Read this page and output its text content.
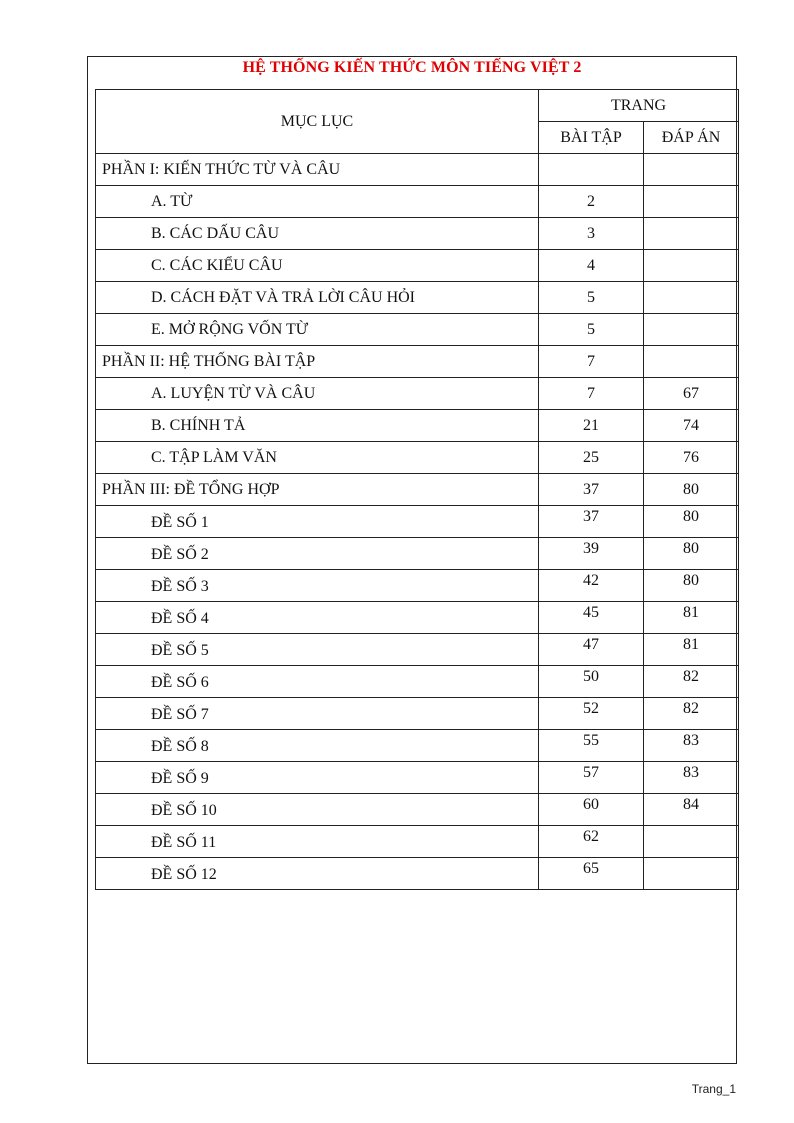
HỆ THỐNG KIẾN THỨC MÔN TIẾNG VIỆT 2
MỤC LỤC	TRANG	
	BÀI TẬP	ĐÁP ÁN
PHẦN I: KIẾN THỨC TỪ VÀ CÂU		
A. TỪ	2	
B. CÁC DẤU CÂU	3	
C. CÁC KIỂU CÂU	4	
D. CÁCH ĐẶT VÀ TRẢ LỜI CÂU HỎI	5	
E. MỞ RỘNG VỐN TỪ	5	
PHẦN II: HỆ THỐNG BÀI TẬP	7	
A. LUYỆN TỪ VÀ CÂU	7	67
B. CHÍNH TẢ	21	74
C. TẬP LÀM VĂN	25	76
PHẦN III: ĐỀ TỔNG HỢP	37	80
ĐỀ SỐ 1	37	80
ĐỀ SỐ 2	39	80
ĐỀ SỐ 3	42	80
ĐỀ SỐ 4	45	81
ĐỀ SỐ 5	47	81
ĐỀ SỐ 6	50	82
ĐỀ SỐ 7	52	82
ĐỀ SỐ 8	55	83
ĐỀ SỐ 9	57	83
ĐỀ SỐ 10	60	84
ĐỀ SỐ 11	62	
ĐỀ SỐ 12	65	
Trang_1
